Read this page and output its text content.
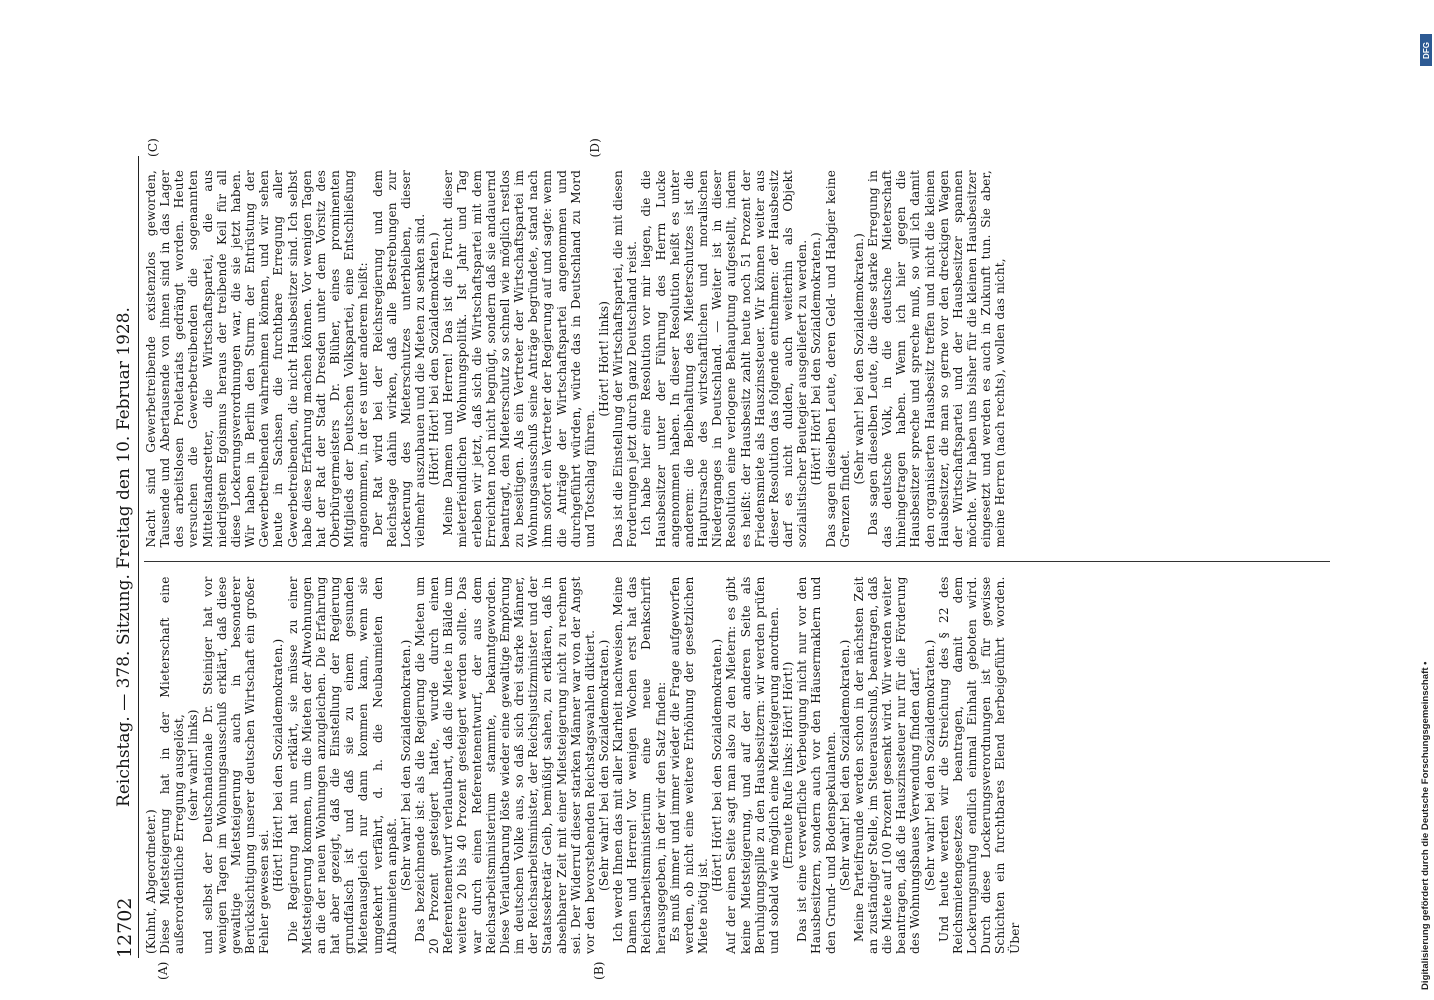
12702
Reichstag. — 378. Sitzung. Freitag den 10. Februar 1928.
(A)	(B)

(Kuhnt, Abgeordneter.) Diese Mietsteigerung hat in der Mieterschaft eine außerordentliche Erregung ausgelöst, (sehr wahr! links) und selbst der Deutschnationale Dr. Steiniger hat vor wenigen Tagen im Wohnungsausschuß erklärt, daß diese gewaltige Mietsteigerung auch in besonderer Berücksichtigung unserer deutschen Wirtschaft ein großer Fehler gewesen sei. (Hört! Hört! bei den Sozialdemokraten.) Die Regierung hat nun erklärt, sie müsse zu einer Mietsteigerung kommen, um die Mieten der Altwohnungen an die der neuen Wohnungen anzugleichen. Die Erfahrung hat aber gezeigt, daß die Einstellung der Regierung grundfalsch ist und daß sie zu einem gesunden Mietenausgleich nur dann kommen kann, wenn sie umgekehrt verfährt, d. h. die Neubaumieten den Altbaumieten anpaßt. (Sehr wahr! bei den Sozialdemokraten.) Das bezeichnende ist: als die Regierung die Mieten um 20 Prozent gesteigert hatte, wurde durch einen Referentenentwurf verlautbart, daß die Miete in Bälde um weitere 20 bis 40 Prozent gesteigert werden sollte. Das war durch einen Referentenentwurf, der aus dem Reichsarbeitsministerium stammte, bekanntgeworden. Diese Verlautbarung löste wieder eine gewaltige Empörung im deutschen Volke aus, so daß sich drei starke Männer, der Reichsarbeitsminister, der Reichsjustizminister und der Staatssekretär Geib, bemüßigt sahen, zu erklären, daß in absehbarer Zeit mit einer Mietsteigerung nicht zu rechnen sei. Der Widerruf dieser starken Männer war von der Angst vor den bevorstehenden Reichstagswahlen diktiert. (Sehr wahr! bei den Sozialdemokraten.) Ich werde Ihnen das mit aller Klarheit nachweisen. Meine Damen und Herren! Vor wenigen Wochen erst hat das Reichsarbeitsministerium eine neue Denkschrift herausgegeben, in der wir den Satz finden: Es muß immer und immer wieder die Frage aufgeworfen werden, ob nicht eine weitere Erhöhung der gesetzlichen Miete nötig ist.

(Hört! Hört! bei den Sozialdemokraten.) Auf der einen Seite sagt man also zu den Mietern: es gibt keine Mietsteigerung, und auf der anderen Seite als Beruhigungspille zu den Hausbesitzern: wir werden prüfen und sobald wie möglich eine Mietsteigerung anordnen. (Erneute Rufe links: Hört! Hört!) Das ist eine verwerfliche Verbeugung nicht nur vor den Hausbesitzern, sondern auch vor den Häusermaklern und den Grund- und Bodenspekulanten. (Sehr wahr! bei den Sozialdemokraten.) Meine Parteifreunde werden schon in der nächsten Zeit an zuständiger Stelle, im Steuerausschuß, beantragen, daß die Miete auf 100 Prozent gesenkt wird. Wir werden weiter beantragen, daß die Hauszinssteuer nur für die Förderung des Wohnungsbaues Verwendung finden darf. (Sehr wahr! bei den Sozialdemokraten.) Und heute werden wir die Streichung des § 22 des Reichsmietengesetzes beantragen, damit dem Lockerungsunfug endlich einmal Einhalt geboten wird. Durch diese Lockerungsverordnungen ist für gewisse Schichten ein furchtbares Elend herbeigeführt worden. Über

(C)	(D)

Nacht sind Gewerbetreibende existenzlos geworden, Tausende und Abertausende von ihnen sind in das Lager des arbeitslosen Proletariats gedrängt worden. Heute versuchen die Gewerbetreibenden die sogenannten Mittelstandsretter, die Wirtschaftspartei, die aus niedrigstem Egoismus heraus der treibende Keil für all diese Lockerungsverordnungen war, die sie jetzt haben. Wir haben in Berlin den Sturm der Entrüstung der Gewerbetreibenden wahrnehmen können, und wir sehen heute in Sachsen die furchtbare Erregung aller Gewerbetreibenden, die nicht Hausbesitzer sind. Ich selbst habe diese Erfahrung machen können. Vor wenigen Tagen hat der Rat der Stadt Dresden unter dem Vorsitz des Oberbürgermeisters Dr. Blüher, eines prominenten Mitglieds der Deutschen Volkspartei, eine Entschließung angenommen, in der es unter anderem heißt: Der Rat wird bei der Reichsregierung und dem Reichstage dahin wirken, daß alle Bestrebungen zur Lockerung des Mieterschutzes unterbleiben, dieser vielmehr auszubauen und die Mieten zu senken sind. (Hört! Hört! bei den Sozialdemokraten.) Meine Damen und Herren! Das ist die Frucht dieser mieterfeindlichen Wohnungspolitik. Ist Jahr und Tag erleben wir jetzt, daß sich die Wirtschaftspartei mit dem Erreichten noch nicht begnügt, sondern daß sie andauernd beantragt, den Mieterschutz so schnell wie möglich restlos zu beseitigen. Als ein Vertreter der Wirtschaftspartei im Wohnungsausschuß seine Anträge begründete, stand nach ihm sofort ein Vertreter der Regierung auf und sagte: wenn die Anträge der Wirtschaftspartei angenommen und durchgeführt würden, würde das in Deutschland zu Mord und Totschlag führen.

(Hört! Hört! links) Das ist die Einstellung der Wirtschaftspartei, die mit diesen Forderungen jetzt durch ganz Deutschland reist. Ich habe hier eine Resolution vor mir liegen, die die Hausbesitzer unter der Führung des Herrn Lucke angenommen haben. In dieser Resolution heißt es unter anderem: die Beibehaltung des Mieterschutzes ist die Hauptursache des wirtschaftlichen und moralischen Niederganges in Deutschland. — Weiter ist in dieser Resolution eine verlogene Behauptung aufgestellt, indem es heißt: der Hausbesitz zahlt heute noch 51 Prozent der Friedensmiete als Hauszinssteuer. Wir können weiter aus dieser Resolution das folgende entnehmen: der Hausbesitz darf es nicht dulden, auch weiterhin als Objekt sozialistischer Beutegier ausgeliefert zu werden. (Hört! Hört! bei den Sozialdemokraten.) Das sagen dieselben Leute, deren Geld- und Habgier keine Grenzen findet.

(Sehr wahr! bei den Sozialdemokraten.) Das sagen dieselben Leute, die diese starke Erregung in das deutsche Volk, in die deutsche Mieterschaft hineingetragen haben. Wenn ich hier gegen die Hausbesitzer spreche und spreche muß, so will ich damit den organisierten Hausbesitz treffen und nicht die kleinen Hausbesitzer, die man so gerne vor den dreckigen Wagen der Wirtschaftspartei und der Hausbesitzer spannen möchte. Wir haben uns bisher für die kleinen Hausbesitzer eingesetzt und werden es auch in Zukunft tun. Sie aber, meine Herren (nach rechts), wollen das nicht,

Digitalisierung gefördert durch die Deutsche Forschungsgemeinschaft •
DFG
